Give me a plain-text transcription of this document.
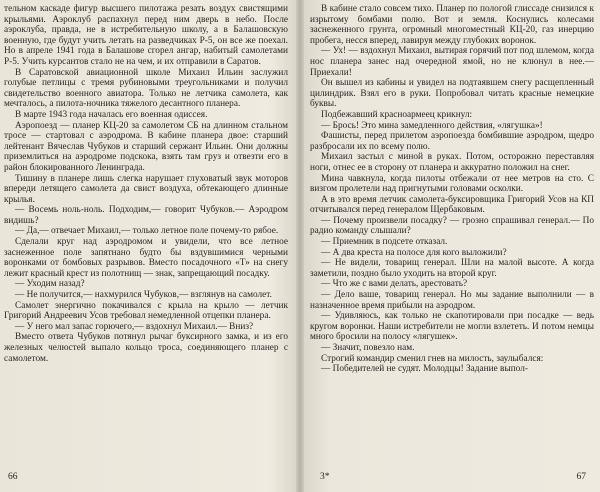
тельном каскаде фигур высшего пилотажа резать воздух свистящими крыльями. Аэроклуб распахнул перед ним дверь в небо. После аэроклуба, правда, не в истребительную школу, а в Балашовскую военную, где будут учить летать на разведчиках Р-5, он все же поехал. Но в апреле 1941 года в Балашове сгорел ангар, набитый самолетами Р-5. Учить курсантов стало не на чем, и их отправили в Саратов.

В Саратовской авиационной школе Михаил Ильин заслужил голубые петлицы с тремя рубиновыми треугольниками и получил свидетельство военного авиатора. Только не летчика самолета, как мечталось, а пилота-ночника тяжелого десантного планера.

В марте 1943 года началась его военная одиссея.

Аэропоезд — планер КЦ-20 за самолетом СБ на длинном стальном тросе — стартовал с аэродрома. В кабине планера двое: старший лейтенант Вячеслав Чубуков и старший сержант Ильин. Они должны приземлиться на аэродроме подскока, взять там груз и отвезти его в район блокированного Ленинграда.

Тишину в планере лишь слегка нарушает глуховатый звук моторов впереди летящего самолета да свист воздуха, обтекающего длинные крылья.

— Восемь ноль-ноль. Подходим,— говорит Чубуков.— Аэродром видишь?

— Да,— отвечает Михаил,— только летное поле почему-то рябое.

Сделали круг над аэродромом и увидели, что все летное заснеженное поле запятнано будто бы вздувшимися черными воронками от бомбовых разрывов. Вместо посадочного «Т» на снегу лежит красный крест из полотнищ — знак, запрещающий посадку.

— Уходим назад?

— Не получится,— нахмурился Чубуков,— взглянув на самолет.

Самолет энергично покачивался с крыла на крыло — летчик Григорий Андреевич Усов требовал немедленной отцепки планера.

— У него мал запас горючего,— вздохнул Михаил.— Вниз?

Вместо ответа Чубуков потянул рычаг буксирного замка, и из его железных челюстей выпало кольцо троса, соединяющего планер с самолетом.

66

В кабине стало совсем тихо. Планер по пологой глиссаде снизился к изрытому бомбами полю. Вот и земля. Коснулись колесами заснеженного грунта, огромный многоместный КЦ-20, газ инерцию пробега, несся вперед, лавируя между глубоких воронок.

— Ух! — вздохнул Михаил, вытирая горячий пот под шлемом, когда нос планера занес над очередной ямой, но не клюнул в нее.— Приехали!

Он вышел из кабины и увидел на подтаявшем снегу расщепленный цилиндрик. Взял его в руки. Попробовал читать красные немецкие буквы.

Подбежавший красноармеец крикнул:

— Брось! Это мина замедленного действия, «лягушка»!

Фашисты, перед прилетом аэропоезда бомбившие аэродром, щедро разбросали их по всему полю.

Михаил застыл с миной в руках. Потом, осторожно переставляя ноги, отнес ее в сторону от планера и аккуратно положил на снег.

Мина чавкнула, когда пилоты отбежали от нее метров на сто. С визгом пролетели над пригнутыми головами осколки.

А в это время летчик самолета-буксировщика Григорий Усов на КП отчитывался перед генералом Щербаковым.

— Почему произвели посадку? — грозно спрашивал генерал.— По радио команду слышали?

— Приемник в подсете отказал.

— А два креста на полосе для кого выложили?

— Не видели, товарищ генерал. Шли на малой высоте. А когда заметили, поздно было уходить на второй круг.

— Что же с вами делать, арестовать?

— Дело ваше, товарищ генерал. Но мы задание выполнили — в назначенное время прибыли на аэродром.

— Удивляюсь, как только не скапотировали при посадке — ведь кругом воронки. Наши истребители не могли взлететь. И потом немцы много бросили на полосу «лягушек».

— Значит, повезло нам.

Строгий командир сменил гнев на милость, заулыбался:

— Победителей не судят. Молодцы! Задание выпол-

3*	67
